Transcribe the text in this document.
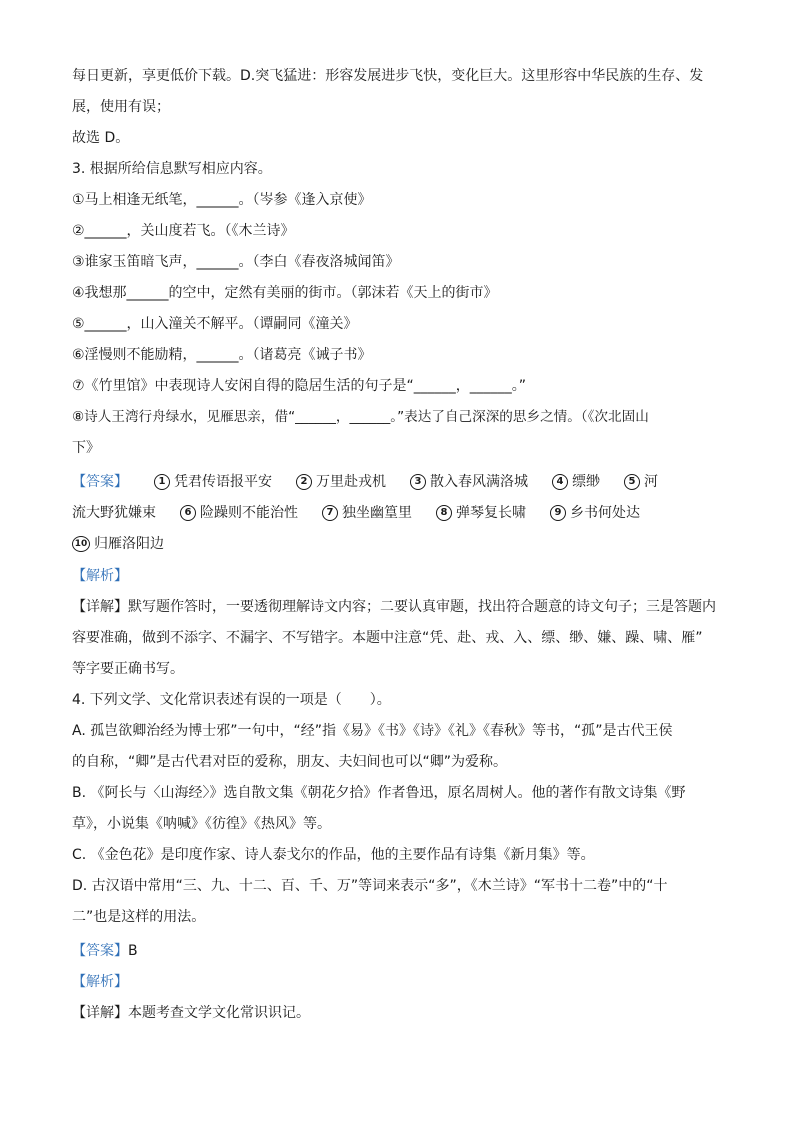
每日更新，享更低价下载。D.突飞猛进：形容发展进步飞快，变化巨大。这里形容中华民族的生存、发
展，使用有误；
故选 D。
3. 根据所给信息默写相应内容。
①马上相逢无纸笔，______。（岑参《逢入京使》
②______，关山度若飞。（《木兰诗》
③谁家玉笛暗飞声，______。（李白《春夜洛城闻笛》
④我想那______的空中，定然有美丽的街市。（郭沫若《天上的街市》
⑤______，山入潼关不解平。（谭嗣同《潼关》
⑥淫慢则不能励精，______。（诸葛亮《诫子书》
⑦《竹里馆》中表现诗人安闲自得的隐居生活的句子是“______，______。”
⑧诗人王湾行舟绿水，见雁思亲，借“______，______。”表达了自己深深的思乡之情。（《次北固山
下》
【答案】	1 凭君传语报平安	2 万里赴戎机	3 散入春风满洛城	4 缥缈	5 河
流大野犹嫌束	6 险躁则不能治性	7 独坐幽篁里	8 弹琴复长啸	9 乡书何处达
10 归雁洛阳边
【解析】
【详解】默写题作答时，一要透彻理解诗文内容；二要认真审题，找出符合题意的诗文句子；三是答题内
容要准确，做到不添字、不漏字、不写错字。本题中注意“凭、赴、戎、入、缥、缈、嫌、躁、啸、雁”
等字要正确书写。
4. 下列文学、文化常识表述有误的一项是（　　）。
A. 孤岂欲卿治经为博士邪”一句中，“经”指《易》《书》《诗》《礼》《春秋》等书，“孤”是古代王侯
的自称，“卿”是古代君对臣的爱称，朋友、夫妇间也可以“卿”为爱称。
B. 《阿长与〈山海经〉》选自散文集《朝花夕拾》作者鲁迅，原名周树人。他的著作有散文诗集《野
草》，小说集《呐喊》《彷徨》《热风》等。
C. 《金色花》是印度作家、诗人泰戈尔的作品，他的主要作品有诗集《新月集》等。
D. 古汉语中常用“三、九、十二、百、千、万”等词来表示“多”，《木兰诗》“军书十二卷”中的“十
二”也是这样的用法。
【答案】B
【解析】
【详解】本题考查文学文化常识识记。
